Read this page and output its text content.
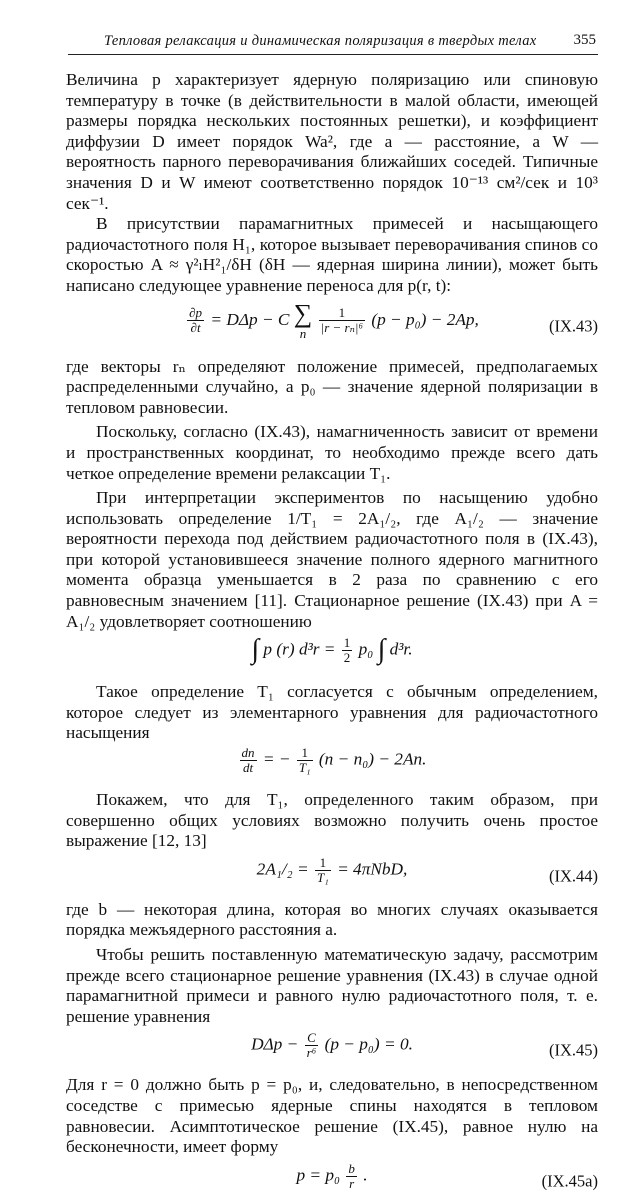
Тепловая релаксация и динамическая поляризация в твердых телах 355

Величина p характеризует ядерную поляризацию или спиновую температуру в точке (в действительности в малой области, имеющей размеры порядка нескольких постоянных решетки), и коэффициент диффузии D имеет порядок Wa², где a — расстояние, а W — вероятность парного переворачивания ближайших соседей. Типичные значения D и W имеют соответственно порядок 10⁻¹³ см²/сек и 10³ сек⁻¹.

В присутствии парамагнитных примесей и насыщающего радиочастотного поля H₁, которое вызывает переворачивания спинов со скоростью A ≈ γ²ₗH²₁/δH (δH — ядерная ширина линии), может быть написано следующее уравнение переноса для p(r, t):

$\frac{\partial p}{\partial t} = D\Delta p - C$ ∑
n
$\frac{1}{\text{|r − rₙ|⁶}} (p - p_0) - 2Ap$,	(IX.43)

где векторы rₙ определяют положение примесей, предполагаемых распределенными случайно, а p₀ — значение ядерной поляризации в тепловом равновесии.

Поскольку, согласно (IX.43), намагниченность зависит от времени и пространственных координат, то необходимо прежде всего дать четкое определение времени релаксации T₁.

При интерпретации экспериментов по насыщению удобно использовать определение 1/T₁ = 2A₁/₂, где A₁/₂ — значение вероятности перехода под действием радиочастотного поля в (IX.43), при которой установившееся значение полного ядерного магнитного момента образца уменьшается в 2 раза по сравнению с его равновесным значением [11]. Стационарное решение (IX.43) при A = A₁/₂ удовлетворяет соотношению

∫ p (r) $d^3r = \frac{1}{2} p_0$ ∫ d³r.

Такое определение T₁ согласуется с обычным определением, которое следует из элементарного уравнения для радиочастотного насыщения

$\frac{dn}{dt}$ = − $\frac{1}{\text{T₁}} (n - n_0) - 2An$.

Покажем, что для T₁, определенного таким образом, при совершенно общих условиях возможно получить очень простое выражение [12, 13]

$2A_1/_2 = \frac{1}{\text{T₁}} = 4\pi NbD$,	(IX.44)

где b — некоторая длина, которая во многих случаях оказывается порядка межъядерного расстояния a.

Чтобы решить поставленную математическую задачу, рассмотрим прежде всего стационарное решение уравнения (IX.43) в случае одной парамагнитной примеси и равного нулю радиочастотного поля, т. е. решение уравнения

$D\Delta p - \frac{C}{\text{r⁶}} (p - p_0) = 0$.	(IX.45)

Для r = 0 должно быть p = p₀, и, следовательно, в непосредственном соседстве с примесью ядерные спины находятся в тепловом равновесии. Асимптотическое решение (IX.45), равное нулю на бесконечности, имеет форму

$p = p_0 \frac{b}{r}$ .	(IX.45a)
